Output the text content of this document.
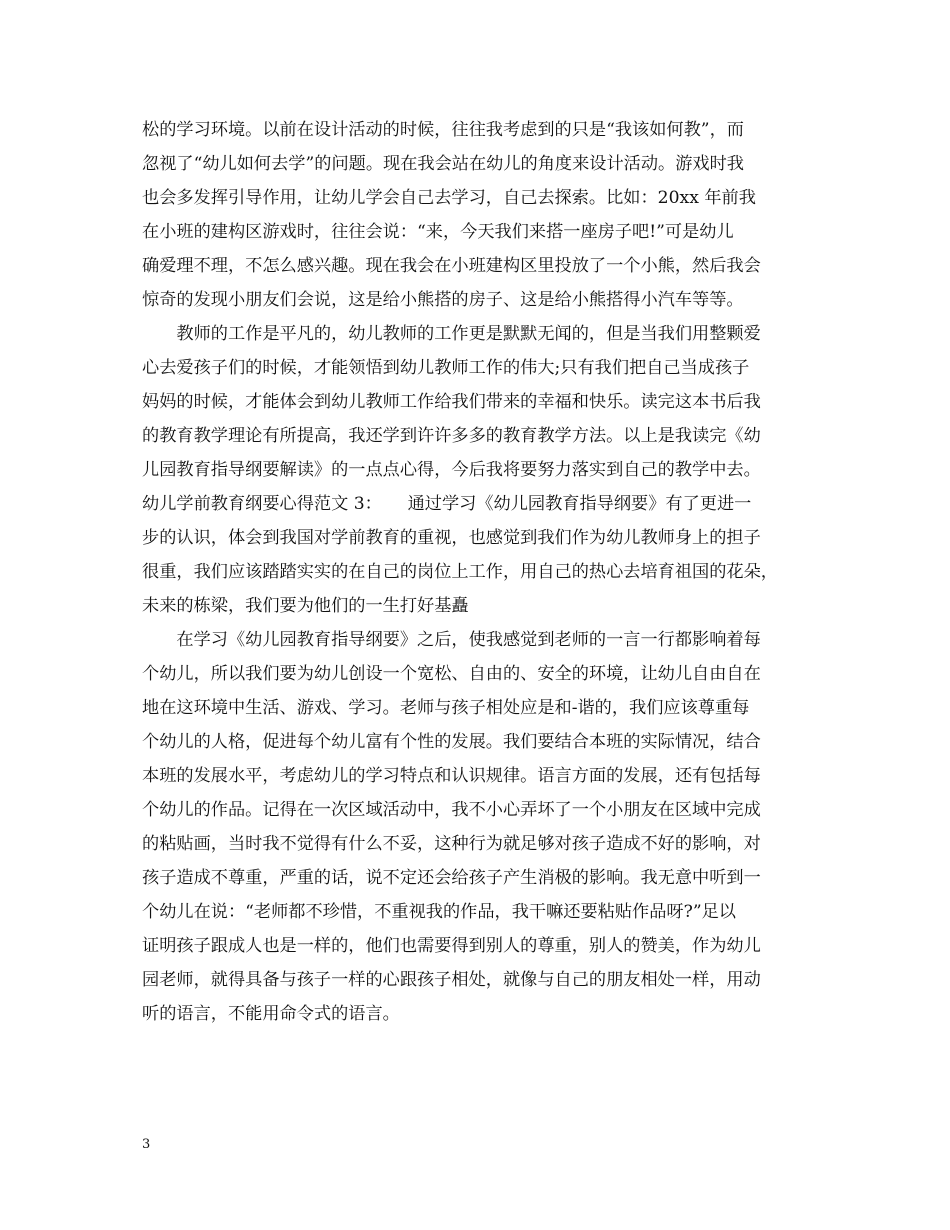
松的学习环境。以前在设计活动的时候，往往我考虑到的只是“我该如何教”，而
忽视了“幼儿如何去学”的问题。现在我会站在幼儿的角度来设计活动。游戏时我
也会多发挥引导作用，让幼儿学会自己去学习，自己去探索。比如：20xx 年前我
在小班的建构区游戏时，往往会说：“来，今天我们来搭一座房子吧!”可是幼儿
确爱理不理，不怎么感兴趣。现在我会在小班建构区里投放了一个小熊，然后我会
惊奇的发现小朋友们会说，这是给小熊搭的房子、这是给小熊搭得小汽车等等。
　　教师的工作是平凡的，幼儿教师的工作更是默默无闻的，但是当我们用整颗爱
心去爱孩子们的时候，才能领悟到幼儿教师工作的伟大;只有我们把自己当成孩子
妈妈的时候，才能体会到幼儿教师工作给我们带来的幸福和快乐。读完这本书后我
的教育教学理论有所提高，我还学到许许多多的教育教学方法。以上是我读完《幼
儿园教育指导纲要解读》的一点点心得，今后我将要努力落实到自己的教学中去。
幼儿学前教育纲要心得范文 3：　　通过学习《幼儿园教育指导纲要》有了更进一
步的认识，体会到我国对学前教育的重视，也感觉到我们作为幼儿教师身上的担子
很重，我们应该踏踏实实的在自己的岗位上工作，用自己的热心去培育祖国的花朵，
未来的栋梁，我们要为他们的一生打好基矗
　　在学习《幼儿园教育指导纲要》之后，使我感觉到老师的一言一行都影响着每
个幼儿，所以我们要为幼儿创设一个宽松、自由的、安全的环境，让幼儿自由自在
地在这环境中生活、游戏、学习。老师与孩子相处应是和-谐的，我们应该尊重每
个幼儿的人格，促进每个幼儿富有个性的发展。我们要结合本班的实际情况，结合
本班的发展水平，考虑幼儿的学习特点和认识规律。语言方面的发展，还有包括每
个幼儿的作品。记得在一次区域活动中，我不小心弄坏了一个小朋友在区域中完成
的粘贴画，当时我不觉得有什么不妥，这种行为就足够对孩子造成不好的影响，对
孩子造成不尊重，严重的话，说不定还会给孩子产生消极的影响。我无意中听到一
个幼儿在说：“老师都不珍惜，不重视我的作品，我干嘛还要粘贴作品呀?”足以
证明孩子跟成人也是一样的，他们也需要得到别人的尊重，别人的赞美，作为幼儿
园老师，就得具备与孩子一样的心跟孩子相处，就像与自己的朋友相处一样，用动
听的语言，不能用命令式的语言。
3
